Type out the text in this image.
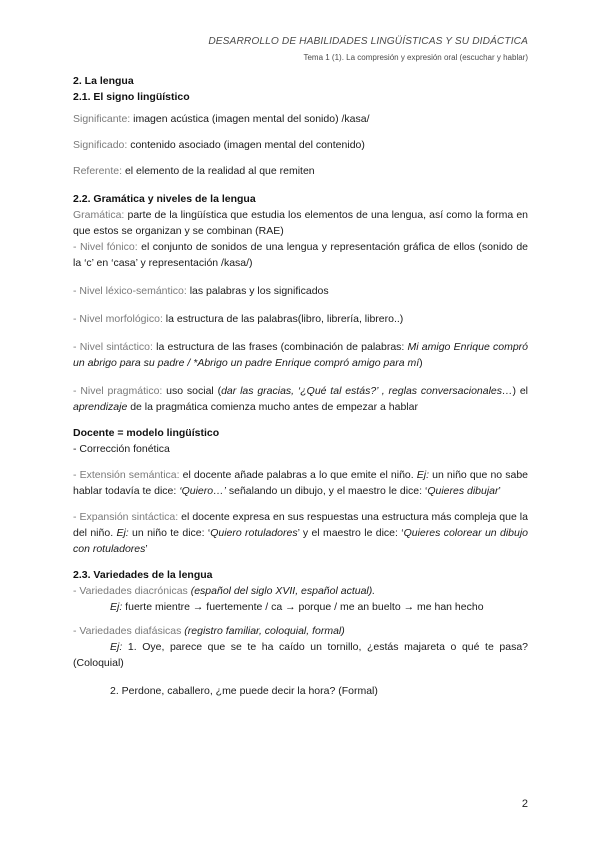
DESARROLLO DE HABILIDADES LINGÜÍSTICAS Y SU DIDÁCTICA
Tema 1 (1). La compresión y expresión oral (escuchar y hablar)

2. La lengua

2.1. El signo lingüístico

Significante: imagen acústica (imagen mental del sonido) /kasa/

Significado: contenido asociado (imagen mental del contenido)

Referente: el elemento de la realidad al que remiten

2.2. Gramática y niveles de la lengua

Gramática: parte de la lingüística que estudia los elementos de una lengua, así como la forma en que estos se organizan y se combinan (RAE)

- Nivel fónico: el conjunto de sonidos de una lengua y representación gráfica de ellos (sonido de la ‘c’ en ‘casa’ y representación /kasa/)

- Nivel léxico-semántico: las palabras y los significados

- Nivel morfológico: la estructura de las palabras(libro, librería, librero..)

- Nivel sintáctico: la estructura de las frases (combinación de palabras: Mi amigo Enrique compró un abrigo para su padre / *Abrigo un padre Enrique compró amigo para mí)

- Nivel pragmático: uso social (dar las gracias, ‘¿Qué tal estás?’ , reglas conversacionales…) el aprendizaje de la pragmática comienza mucho antes de empezar a hablar

Docente = modelo lingüístico

- Corrección fonética

- Extensión semántica: el docente añade palabras a lo que emite el niño. Ej: un niño que no sabe hablar todavía te dice: ‘Quiero…’ señalando un dibujo, y el maestro le dice: ‘Quieres dibujar’

- Expansión sintáctica: el docente expresa en sus respuestas una estructura más compleja que la del niño. Ej: un niño te dice: ‘Quiero rotuladores’ y el maestro le dice: ‘Quieres colorear un dibujo con rotuladores’

2.3. Variedades de la lengua

- Variedades diacrónicas (español del siglo XVII, español actual).

Ej: fuerte mientre → fuertemente / ca → porque / me an buelto → me han hecho

- Variedades diafásicas (registro familiar, coloquial, formal)

Ej: 1. Oye, parece que se te ha caído un tornillo, ¿estás majareta o qué te pasa? (Coloquial)

2. Perdone, caballero, ¿me puede decir la hora? (Formal)

2
